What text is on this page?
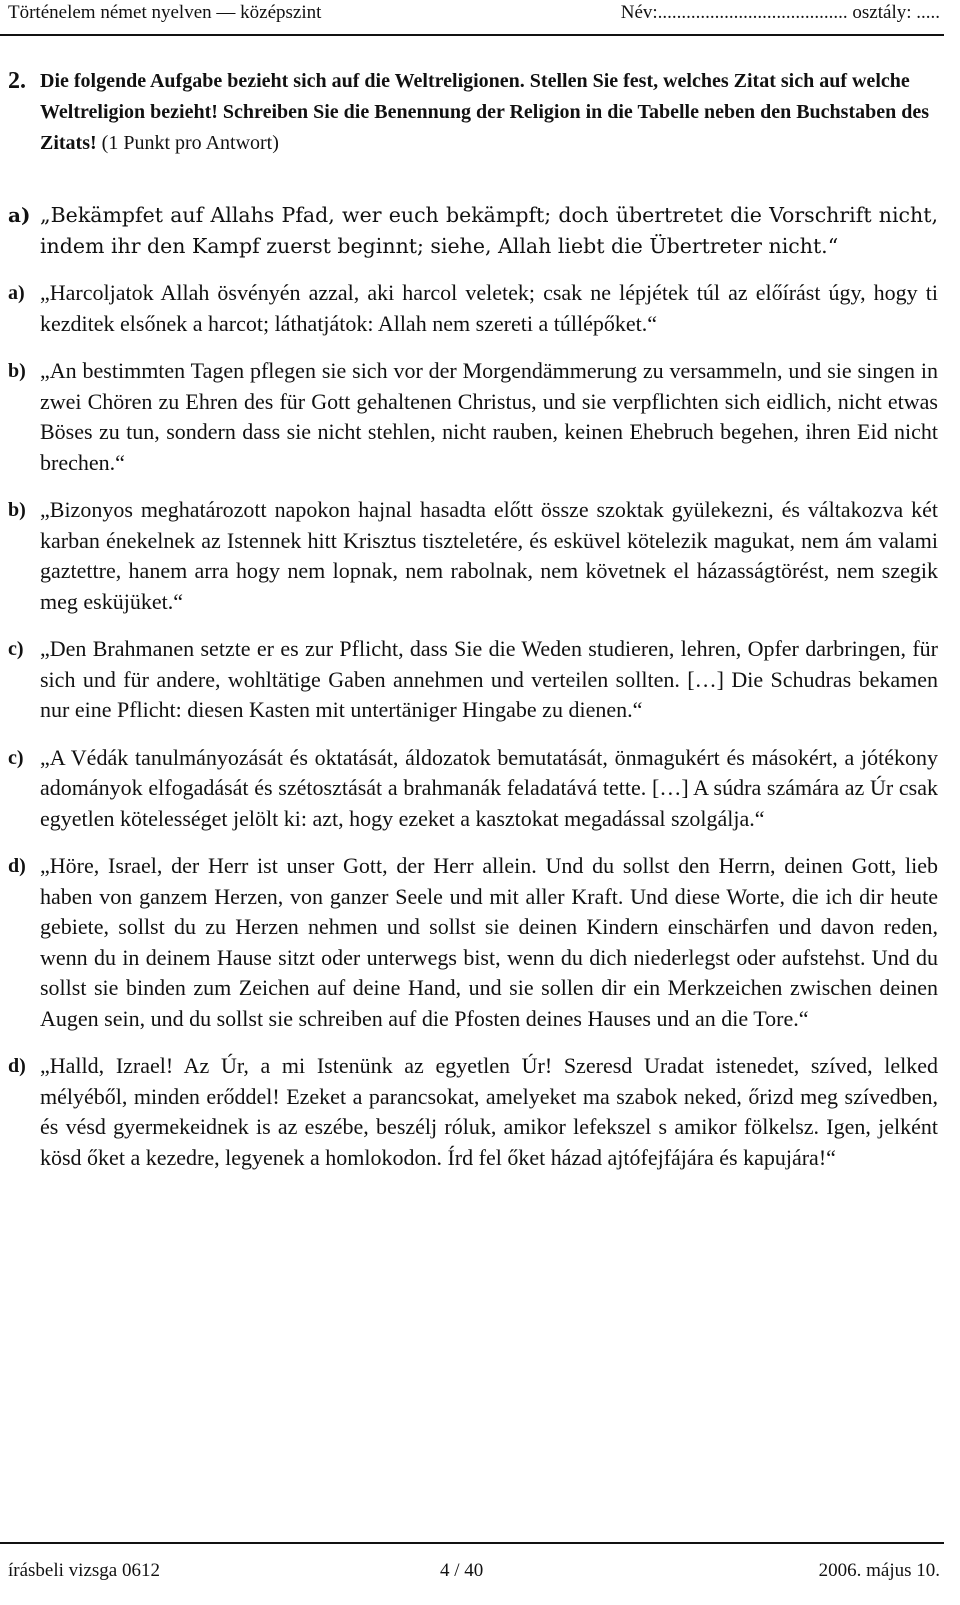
Történelem német nyelven — középszint	Név:........................................ osztály: .....
2. Die folgende Aufgabe bezieht sich auf die Weltreligionen. Stellen Sie fest, welches Zitat sich auf welche Weltreligion bezieht! Schreiben Sie die Benennung der Religion in die Tabelle neben den Buchstaben des Zitats! (1 Punkt pro Antwort)
a) „Bekämpfet auf Allahs Pfad, wer euch bekämpft; doch übertretet die Vorschrift nicht, indem ihr den Kampf zuerst beginnt; siehe, Allah liebt die Übertreter nicht.“
a) „Harcoljatok Allah ösvényén azzal, aki harcol veletek; csak ne lépjétek túl az előírást úgy, hogy ti kezditek elsőnek a harcot; láthatjátok: Allah nem szereti a túllépőket.“
b) „An bestimmten Tagen pflegen sie sich vor der Morgendämmerung zu versammeln, und sie singen in zwei Chören zu Ehren des für Gott gehaltenen Christus, und sie verpflichten sich eidlich, nicht etwas Böses zu tun, sondern dass sie nicht stehlen, nicht rauben, keinen Ehebruch begehen, ihren Eid nicht brechen.“
b) „Bizonyos meghatározott napokon hajnal hasadta előtt össze szoktak gyülekezni, és váltakozva két karban énekelnek az Istennek hitt Krisztus tiszteletére, és esküvel kötelezik magukat, nem ám valami gaztettre, hanem arra hogy nem lopnak, nem rabolnak, nem követnek el házasságtörést, nem szegik meg esküjüket.“
c) „Den Brahmanen setzte er es zur Pflicht, dass Sie die Weden studieren, lehren, Opfer darbringen, für sich und für andere, wohltätige Gaben annehmen und verteilen sollten. […] Die Schudras bekamen nur eine Pflicht: diesen Kasten mit untertäniger Hingabe zu dienen.“
c) „A Védák tanulmányozását és oktatását, áldozatok bemutatását, önmagukért és másokért, a jótékony adományok elfogadását és szétosztását a brahmanák feladatává tette. […] A súdra számára az Úr csak egyetlen kötelességet jelölt ki: azt, hogy ezeket a kasztokat megadással szolgálja.“
d) „Höre, Israel, der Herr ist unser Gott, der Herr allein. Und du sollst den Herrn, deinen Gott, lieb haben von ganzem Herzen, von ganzer Seele und mit aller Kraft. Und diese Worte, die ich dir heute gebiete, sollst du zu Herzen nehmen und sollst sie deinen Kindern einschärfen und davon reden, wenn du in deinem Hause sitzt oder unterwegs bist, wenn du dich niederlegst oder aufstehst. Und du sollst sie binden zum Zeichen auf deine Hand, und sie sollen dir ein Merkzeichen zwischen deinen Augen sein, und du sollst sie schreiben auf die Pfosten deines Hauses und an die Tore.“
d) „Halld, Izrael! Az Úr, a mi Istenünk az egyetlen Úr! Szeresd Uradat istenedet, szíved, lelked mélyéből, minden erőddel! Ezeket a parancsokat, amelyeket ma szabok neked, őrizd meg szívedben, és vésd gyermekeidnek is az eszébe, beszélj róluk, amikor lefekszel s amikor fölkelsz. Igen, jelként kösd őket a kezedre, legyenek a homlokodon. Írd fel őket házad ajtófejfájára és kapujára!“
írásbeli vizsga 0612	4 / 40	2006. május 10.
